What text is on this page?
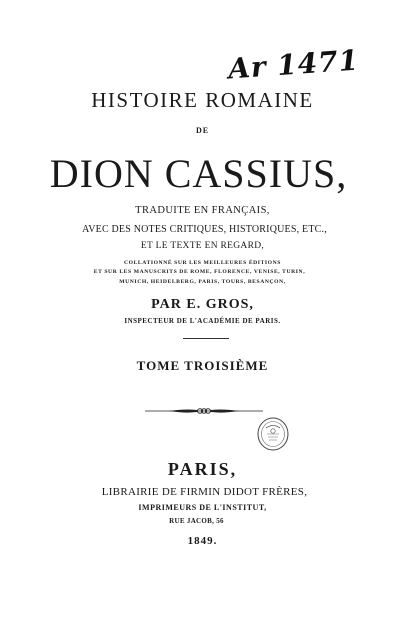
Ar 1471
HISTOIRE ROMAINE
DE
DION CASSIUS,
TRADUITE EN FRANÇAIS,
AVEC DES NOTES CRITIQUES, HISTORIQUES, ETC.,
ET LE TEXTE EN REGARD,
COLLATIONNÉ SUR LES MEILLEURES ÉDITIONS
ET SUR LES MANUSCRITS DE ROME, FLORENCE, VENISE, TURIN,
MUNICH, HEIDELBERG, PARIS, TOURS, BESANÇON,
PAR E. GROS,
INSPECTEUR DE L'ACADÉMIE DE PARIS.
TOME TROISIÈME
PARIS,
LIBRAIRIE DE FIRMIN DIDOT FRÈRES,
IMPRIMEURS DE L'INSTITUT,
RUE JACOB, 56
1849.
